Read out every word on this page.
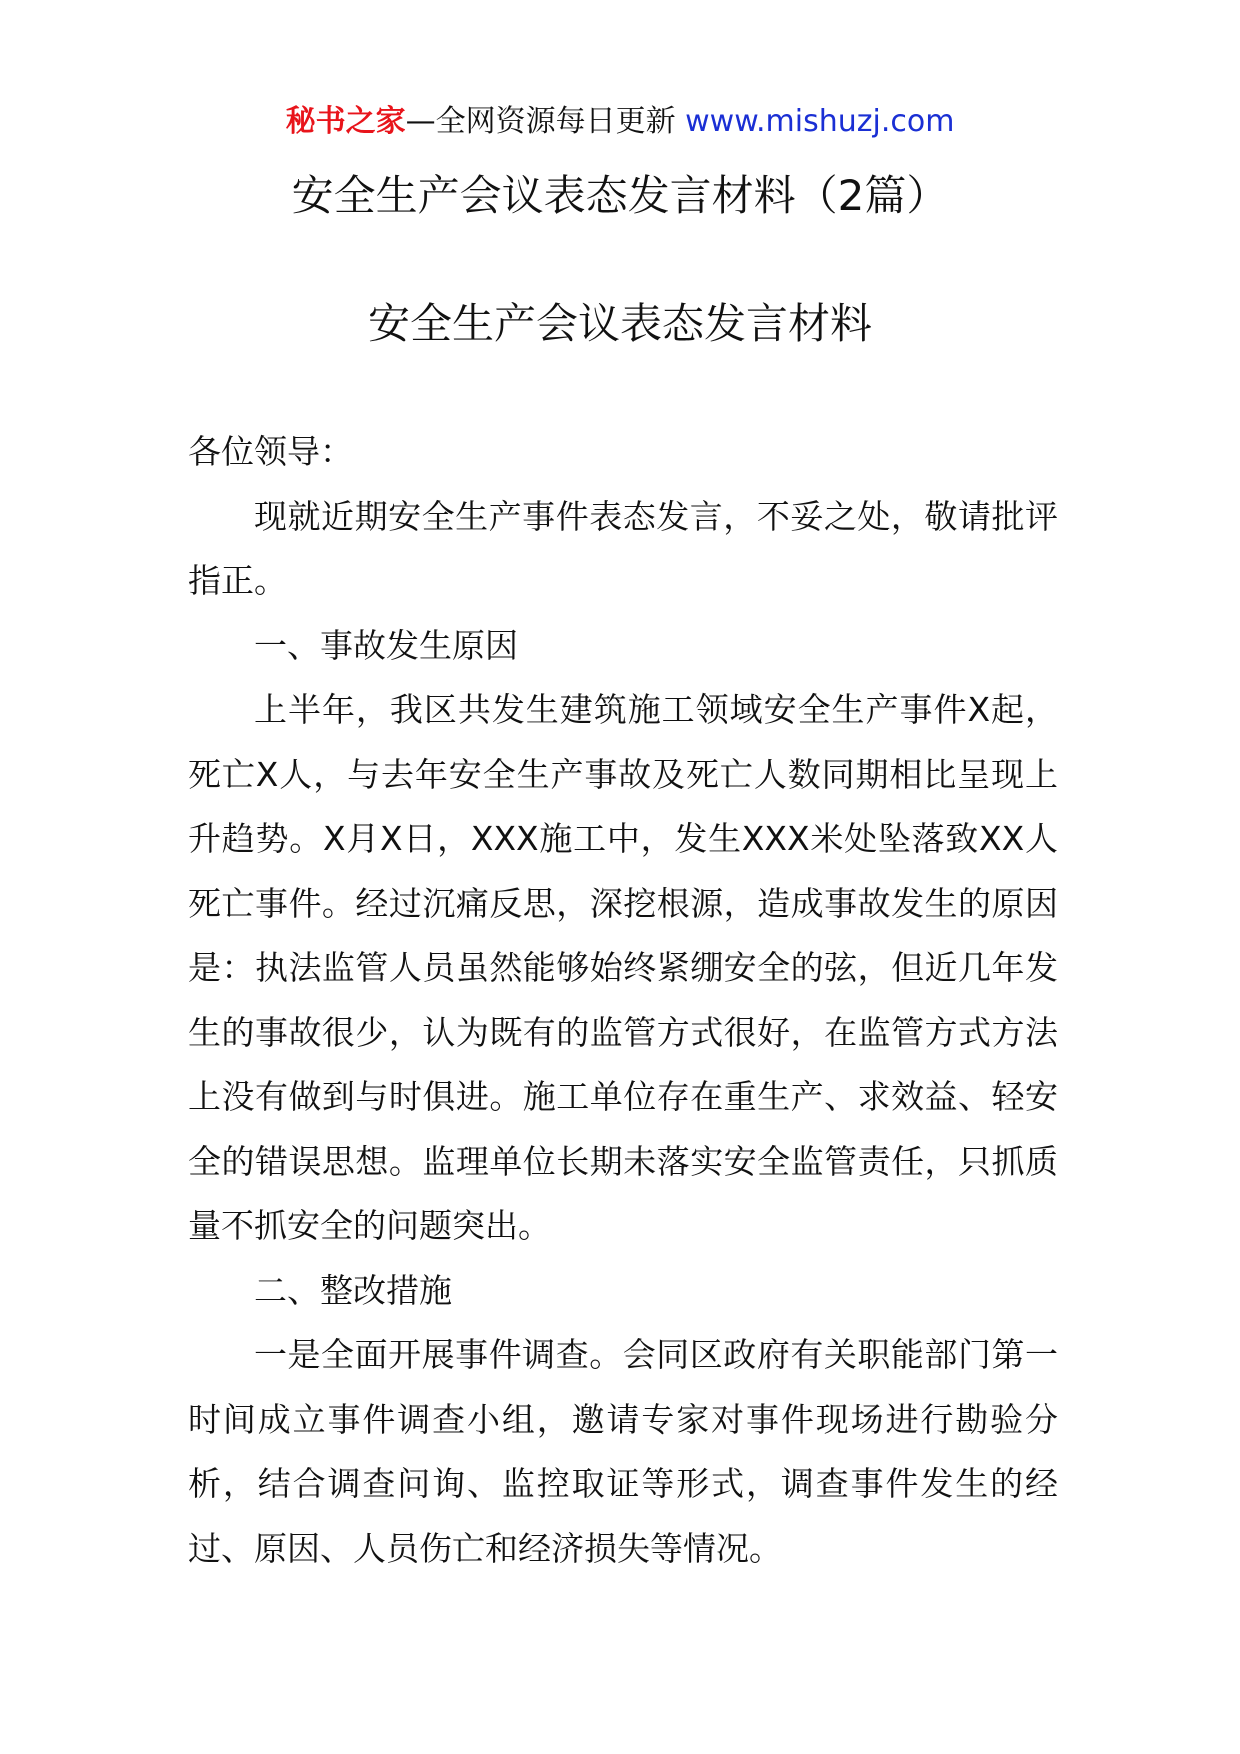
秘书之家—全网资源每日更新 www.mishuzj.com
安全生产会议表态发言材料（2篇）
安全生产会议表态发言材料

各位领导：

现就近期安全生产事件表态发言，不妥之处，敬请批评指正。

一、事故发生原因

上半年，我区共发生建筑施工领域安全生产事件X起，死亡X人，与去年安全生产事故及死亡人数同期相比呈现上升趋势。X月X日，XXX施工中，发生XXX米处坠落致XX人死亡事件。经过沉痛反思，深挖根源，造成事故发生的原因是：执法监管人员虽然能够始终紧绷安全的弦，但近几年发生的事故很少，认为既有的监管方式很好，在监管方式方法上没有做到与时俱进。施工单位存在重生产、求效益、轻安全的错误思想。监理单位长期未落实安全监管责任，只抓质量不抓安全的问题突出。

二、整改措施

一是全面开展事件调查。会同区政府有关职能部门第一时间成立事件调查小组，邀请专家对事件现场进行勘验分析，结合调查问询、监控取证等形式，调查事件发生的经过、原因、人员伤亡和经济损失等情况。
